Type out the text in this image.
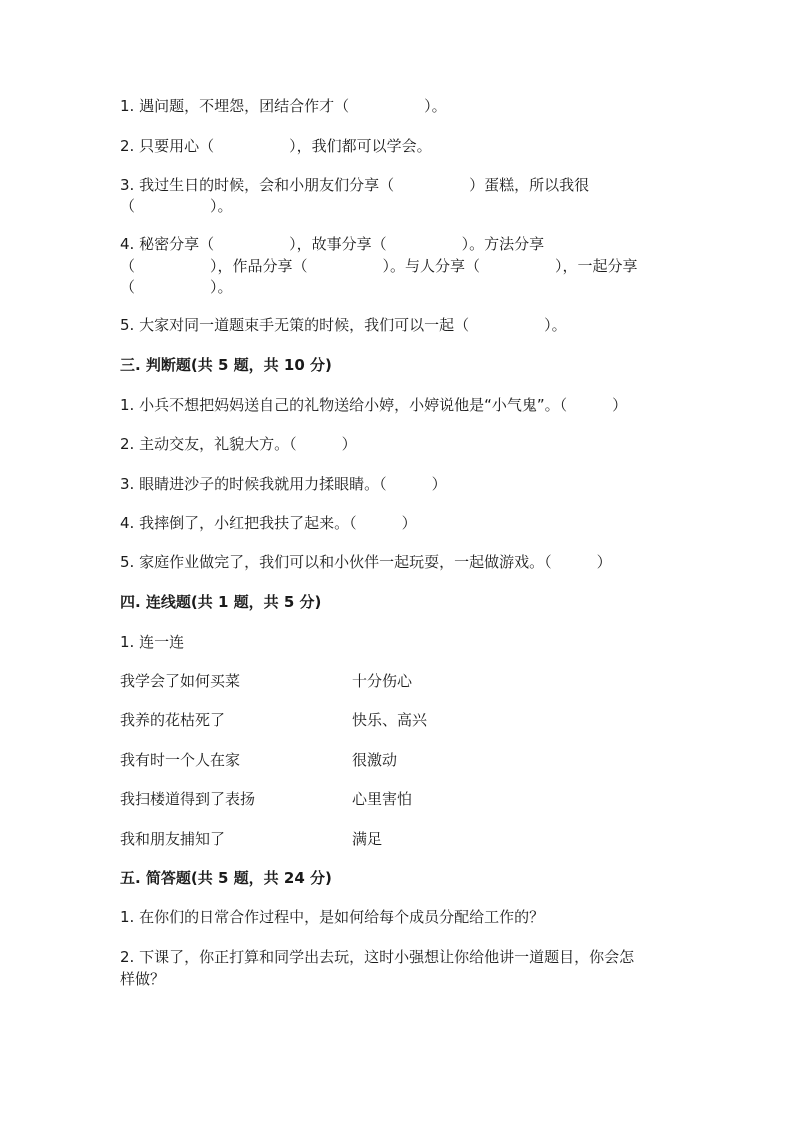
1. 遇问题，不埋怨，团结合作才（　　　　　）。
2. 只要用心（　　　　　），我们都可以学会。
3. 我过生日的时候，会和小朋友们分享（　　　　　）蛋糕，所以我很
（　　　　　）。
4. 秘密分享（　　　　　），故事分享（　　　　　）。方法分享
（　　　　　），作品分享（　　　　　）。与人分享（　　　　　），一起分享
（　　　　　）。
5. 大家对同一道题束手无策的时候，我们可以一起（　　　　　）。
三. 判断题(共 5 题，共 10 分)
1. 小兵不想把妈妈送自己的礼物送给小婷，小婷说他是“小气鬼”。（　　　）
2. 主动交友，礼貌大方。（　　　）
3. 眼睛进沙子的时候我就用力揉眼睛。（　　　）
4. 我摔倒了，小红把我扶了起来。（　　　）
5. 家庭作业做完了，我们可以和小伙伴一起玩耍，一起做游戏。（　　　）
四. 连线题(共 1 题，共 5 分)
1. 连一连
我学会了如何买菜	十分伤心
我养的花枯死了	快乐、高兴
我有时一个人在家	很激动
我扫楼道得到了表扬	心里害怕
我和朋友捕知了	满足
五. 简答题(共 5 题，共 24 分)
1. 在你们的日常合作过程中，是如何给每个成员分配给工作的？
2. 下课了，你正打算和同学出去玩，这时小强想让你给他讲一道题目，你会怎
样做？
